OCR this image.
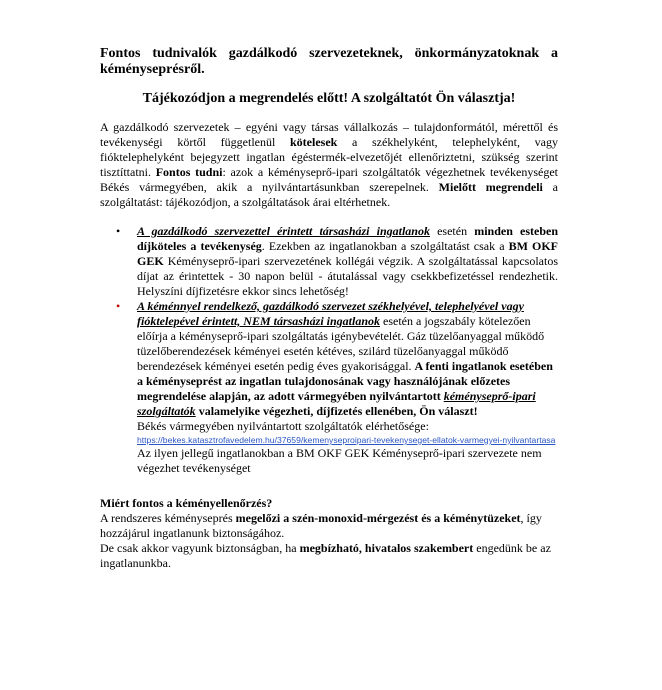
Fontos tudnivalók gazdálkodó szervezeteknek, önkormányzatoknak a kéményseprésről.

Tájékozódjon a megrendelés előtt! A szolgáltatót Ön választja!

A gazdálkodó szervezetek – egyéni vagy társas vállalkozás – tulajdonformától, mérettől és tevékenységi körtől függetlenül kötelesek a székhelyként, telephelyként, vagy fióktelephelyként bejegyzett ingatlan égéstermék-elvezetőjét ellenőriztetni, szükség szerint tisztíttatni. Fontos tudni: azok a kéményseprő-ipari szolgáltatók végezhetnek tevékenységet Békés vármegyében, akik a nyilvántartásunkban szerepelnek. Mielőtt megrendeli a szolgáltatást: tájékozódjon, a szolgáltatások árai eltérhetnek.

• A gazdálkodó szervezettel érintett társasházi ingatlanok esetén minden esteben díjköteles a tevékenység. Ezekben az ingatlanokban a szolgáltatást csak a BM OKF GEK Kéményseprő-ipari szervezetének kollégái végzik. A szolgáltatással kapcsolatos díjat az érintettek - 30 napon belül - átutalással vagy csekkbefizetéssel rendezhetik. Helyszíni díjfizetésre ekkor sincs lehetőség!
• A kéménnyel rendelkező, gazdálkodó szervezet székhelyével, telephelyével vagy fióktelepével érintett, NEM társasházi ingatlanok esetén a jogszabály kötelezően előírja a kéményseprő-ipari szolgáltatás igénybevételét. Gáz tüzelőanyaggal működő tüzelőberendezések kéményei esetén kétéves, szilárd tüzelőanyaggal működő berendezések kéményei esetén pedig éves gyakorisággal. A fenti ingatlanok esetében a kéményseprést az ingatlan tulajdonosának vagy használójának előzetes megrendelése alapján, az adott vármegyében nyilvántartott kéményseprő-ipari szolgáltatók valamelyike végezheti, díjfizetés ellenében, Ön választ!
Békés vármegyében nyilvántartott szolgáltatók elérhetősége:
https://bekes.katasztrofavedelem.hu/37659/kemenyseproipari-tevekenyseget-ellatok-varmegyei-nyilvantartasa
Az ilyen jellegű ingatlanokban a BM OKF GEK Kéményseprő-ipari szervezete nem végezhet tevékenységet

Miért fontos a kéményellenőrzés?

A rendszeres kéményseprés megelőzi a szén-monoxid-mérgezést és a kéménytüzeket, így hozzájárul ingatlanunk biztonságához.

De csak akkor vagyunk biztonságban, ha megbízható, hivatalos szakembert engedünk be az ingatlanunkba.
